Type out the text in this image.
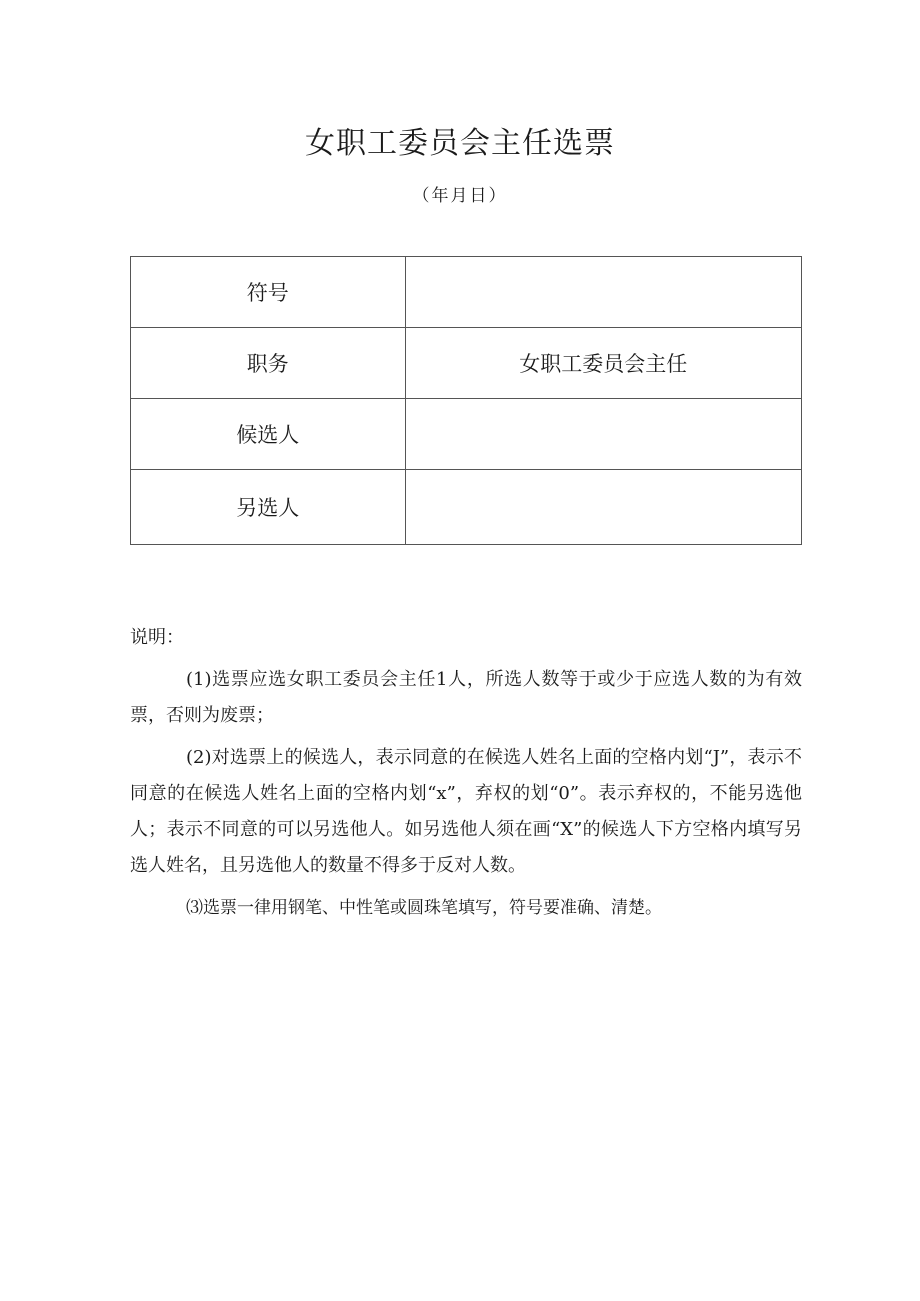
女职工委员会主任选票
（年月日）
符号	
职务	女职工委员会主任
候选人	
另选人	

说明：

(1)选票应选女职工委员会主任1人，所选人数等于或少于应选人数的为有效票，否则为废票；

(2)对选票上的候选人，表示同意的在候选人姓名上面的空格内划“J”，表示不同意的在候选人姓名上面的空格内划“x”，弃权的划“0”。表示弃权的，不能另选他人；表示不同意的可以另选他人。如另选他人须在画“X”的候选人下方空格内填写另选人姓名，且另选他人的数量不得多于反对人数。

⑶选票一律用钢笔、中性笔或圆珠笔填写，符号要准确、清楚。
